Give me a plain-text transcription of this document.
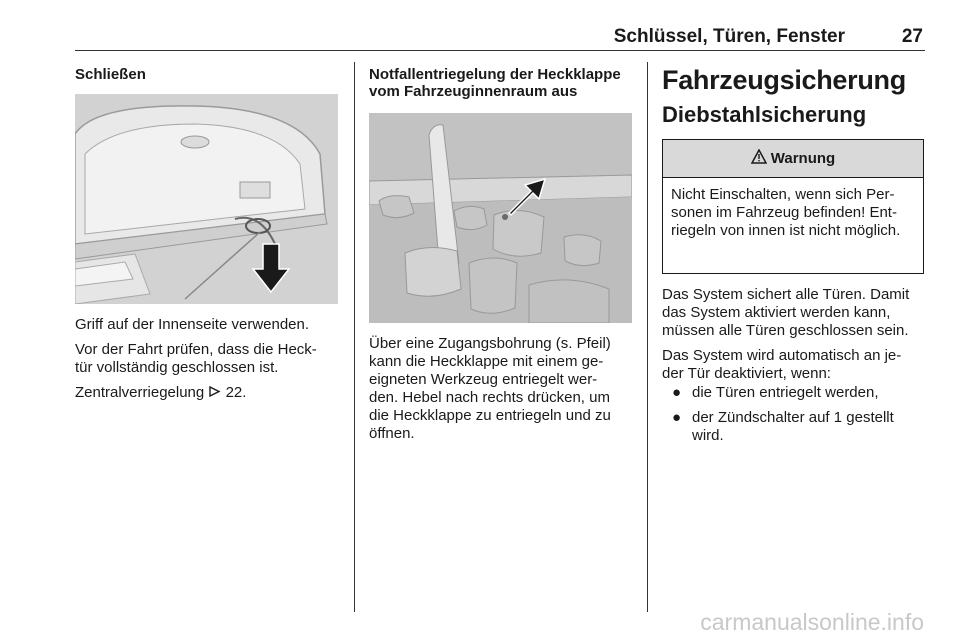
Schlüssel, Türen, Fenster	27
Schließen
Griff auf der Innenseite verwenden.
Vor der Fahrt prüfen, dass die Heck-
tür vollständig geschlossen ist.
Zentralverriegelung 22.
Notfallentriegelung der Heckklappe
vom Fahrzeuginnenraum aus
Über eine Zugangsbohrung (s. Pfeil)
kann die Heckklappe mit einem ge-
eigneten Werkzeug entriegelt wer-
den. Hebel nach rechts drücken, um
die Heckklappe zu entriegeln und zu
öffnen.
Fahrzeugsicherung
Diebstahlsicherung
Warnung
Nicht Einschalten, wenn sich Per-
sonen im Fahrzeug befinden! Ent-
riegeln von innen ist nicht möglich.
Das System sichert alle Türen. Damit
das System aktiviert werden kann,
müssen alle Türen geschlossen sein.
Das System wird automatisch an je-
der Tür deaktiviert, wenn:
● die Türen entriegelt werden,
● der Zündschalter auf 1 gestellt
wird.
carmanualsonline.info
